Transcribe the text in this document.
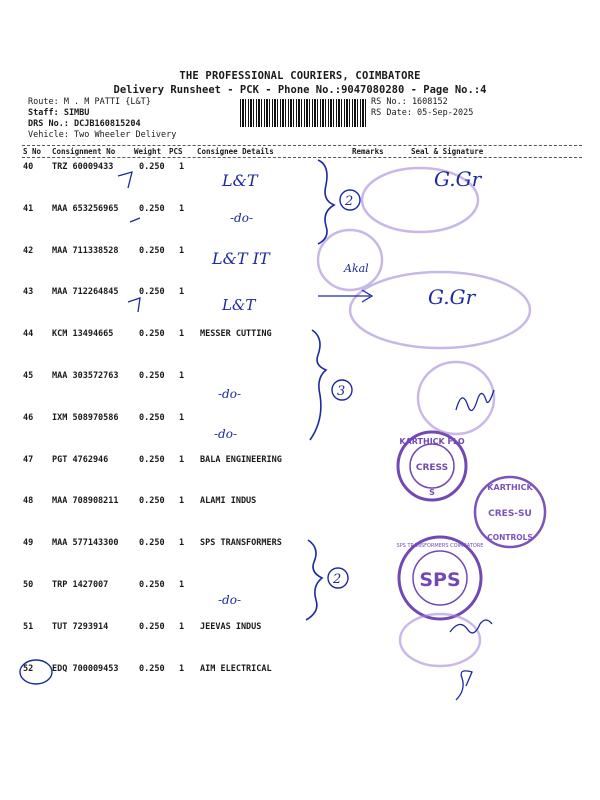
THE PROFESSIONAL COURIERS, COIMBATORE
Delivery Runsheet - PCK - Phone No.:9047080280 - Page No.:4
Route: M . M PATTI {L&T}
Staff: SIMBU
DRS No.: DCJB160815204
Vehicle: Two Wheeler Delivery
RS No.: 1608152
RS Date: 05-Sep-2025
S No Consignment No	Weight PCS Consignee Details	Remarks	Seal & Signature
40 TRZ 60009433	0.250 1
41 MAA 653256965 0.250 1
42 MAA 711338528 0.250 1
43 MAA 712264845 0.250 1
44 KCM 13494665	0.250 1 MESSER CUTTING
45 MAA 303572763 0.250 1
46 IXM 508970586 0.250 1
47 PGT 4762946	0.250 1 BALA ENGINEERING
48 MAA 708908211 0.250 1 ALAMI INDUS
49 MAA 577143300 0.250 1 SPS TRANSFORMERS
50 TRP 1427007	0.250 1
51 TUT 7293914	0.250 1 JEEVAS INDUS
52 EDQ 700009453 0.250 1 AIM ELECTRICAL
KARTHICK FLO
CRESS
S
KARTHICK
CRES-SU
CONTROLS
SPS
SPS TRANSFORMERS COIMBATORE
L&T
-do-
L&T IT
L&T
-do-
-do-
-do-
2
3
2
G.Gr
Akal
G.Gr
